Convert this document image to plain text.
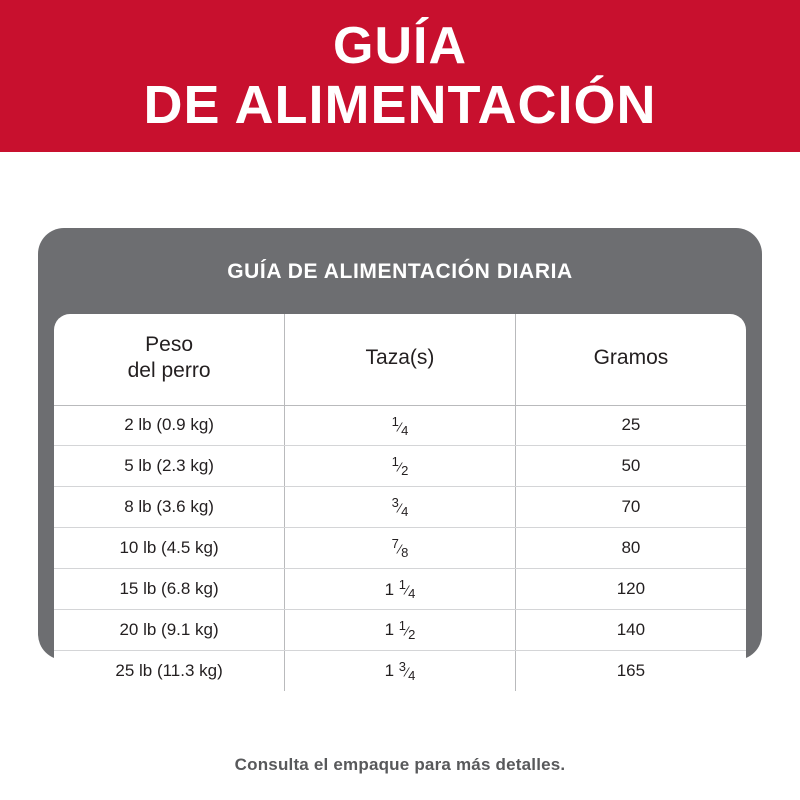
GUÍA
DE ALIMENTACIÓN
GUÍA DE ALIMENTACIÓN DIARIA
Peso
del perro	Taza(s)	Gramos

2 lb (0.9 kg)	$^1⁄_4$	25
5 lb (2.3 kg)	$^1⁄_2$	50
8 lb (3.6 kg)	$^3⁄_4$	70
10 lb (4.5 kg)	$^7⁄_8$	80
15 lb (6.8 kg)	1 $^1⁄_4$	120
20 lb (9.1 kg)	1 $^1⁄_2$	140
25 lb (11.3 kg)	1 $^3⁄_4$	165
Consulta el empaque para más detalles.
